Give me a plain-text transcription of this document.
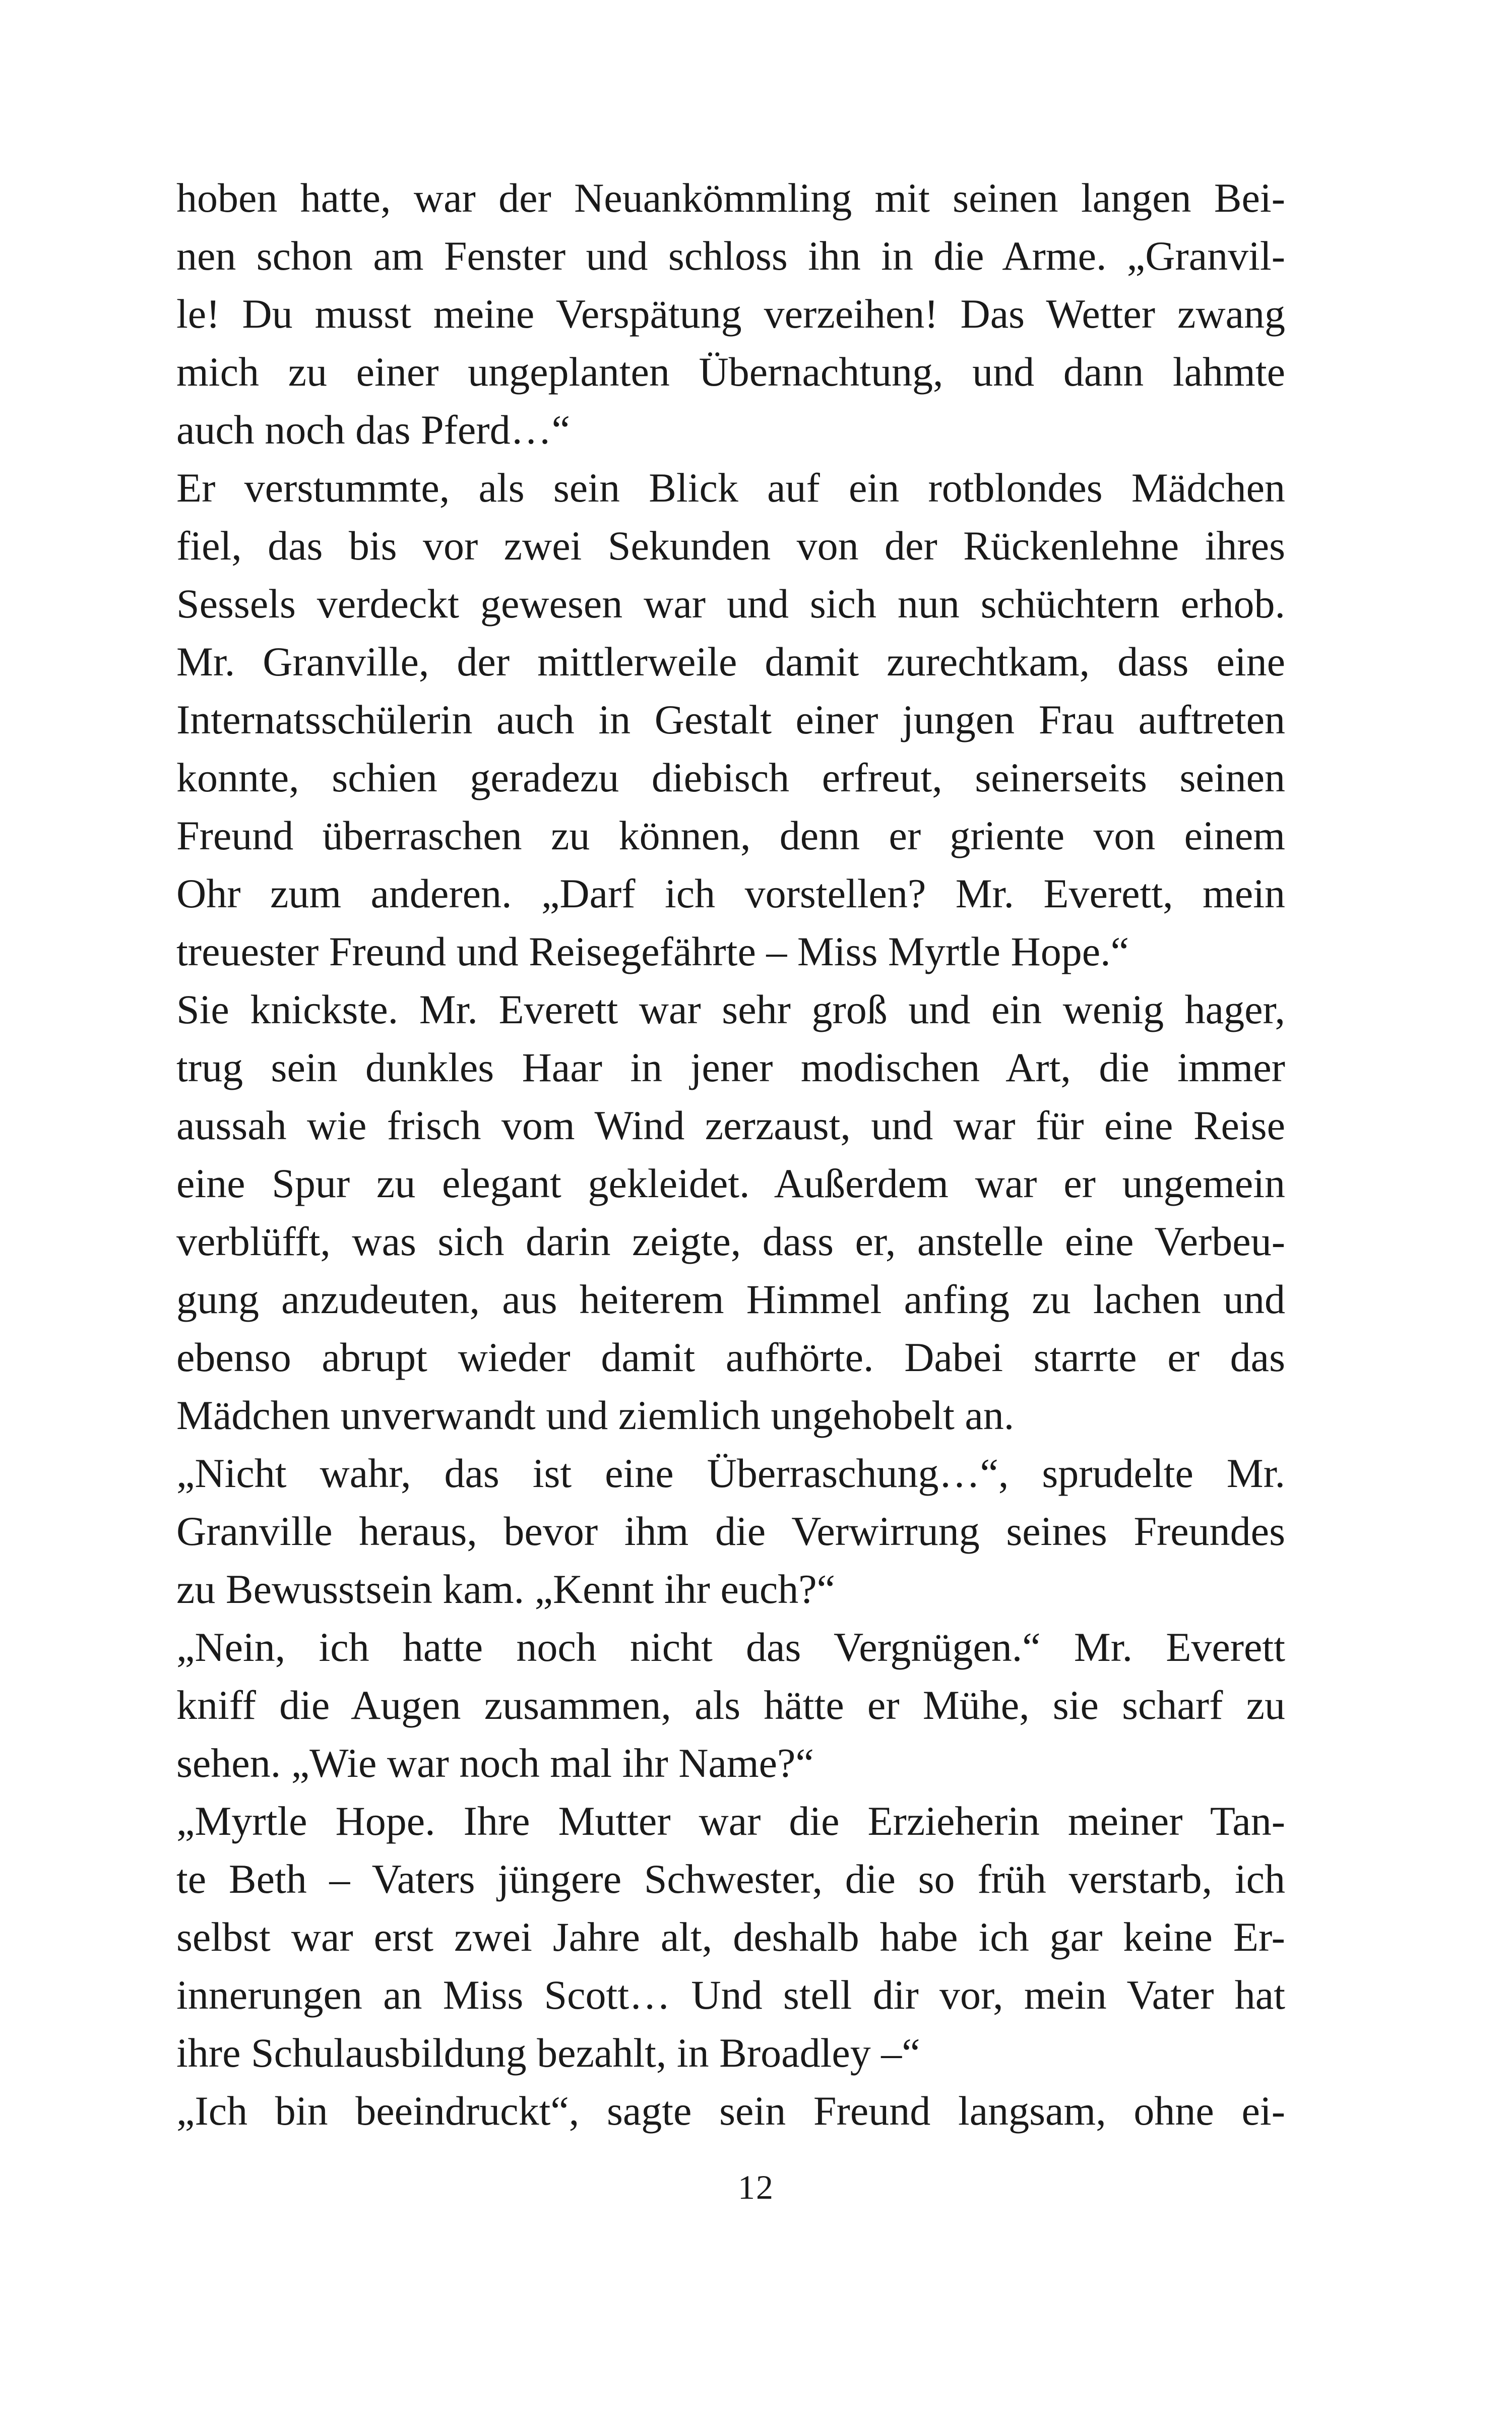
hoben hatte, war der Neuankömmling mit seinen langen Bei-
nen schon am Fenster und schloss ihn in die Arme. „Granvil-
le! Du musst meine Verspätung verzeihen! Das Wetter zwang
mich zu einer ungeplanten Übernachtung, und dann lahmte
auch noch das Pferd…“
Er verstummte, als sein Blick auf ein rotblondes Mädchen
fiel, das bis vor zwei Sekunden von der Rückenlehne ihres
Sessels verdeckt gewesen war und sich nun schüchtern erhob.
Mr. Granville, der mittlerweile damit zurechtkam, dass eine
Internatsschülerin auch in Gestalt einer jungen Frau auftreten
konnte, schien geradezu diebisch erfreut, seinerseits seinen
Freund überraschen zu können, denn er griente von einem
Ohr zum anderen. „Darf ich vorstellen? Mr. Everett, mein
treuester Freund und Reisegefährte – Miss Myrtle Hope.“
Sie knickste. Mr. Everett war sehr groß und ein wenig hager,
trug sein dunkles Haar in jener modischen Art, die immer
aussah wie frisch vom Wind zerzaust, und war für eine Reise
eine Spur zu elegant gekleidet. Außerdem war er ungemein
verblüfft, was sich darin zeigte, dass er, anstelle eine Verbeu-
gung anzudeuten, aus heiterem Himmel anfing zu lachen und
ebenso abrupt wieder damit aufhörte. Dabei starrte er das
Mädchen unverwandt und ziemlich ungehobelt an.
„Nicht wahr, das ist eine Überraschung…“, sprudelte Mr.
Granville heraus, bevor ihm die Verwirrung seines Freundes
zu Bewusstsein kam. „Kennt ihr euch?“
„Nein, ich hatte noch nicht das Vergnügen.“ Mr. Everett
kniff die Augen zusammen, als hätte er Mühe, sie scharf zu
sehen. „Wie war noch mal ihr Name?“
„Myrtle Hope. Ihre Mutter war die Erzieherin meiner Tan-
te Beth – Vaters jüngere Schwester, die so früh verstarb, ich
selbst war erst zwei Jahre alt, deshalb habe ich gar keine Er-
innerungen an Miss Scott… Und stell dir vor, mein Vater hat
ihre Schulausbildung bezahlt, in Broadley –“
„Ich bin beeindruckt“, sagte sein Freund langsam, ohne ei-
12
